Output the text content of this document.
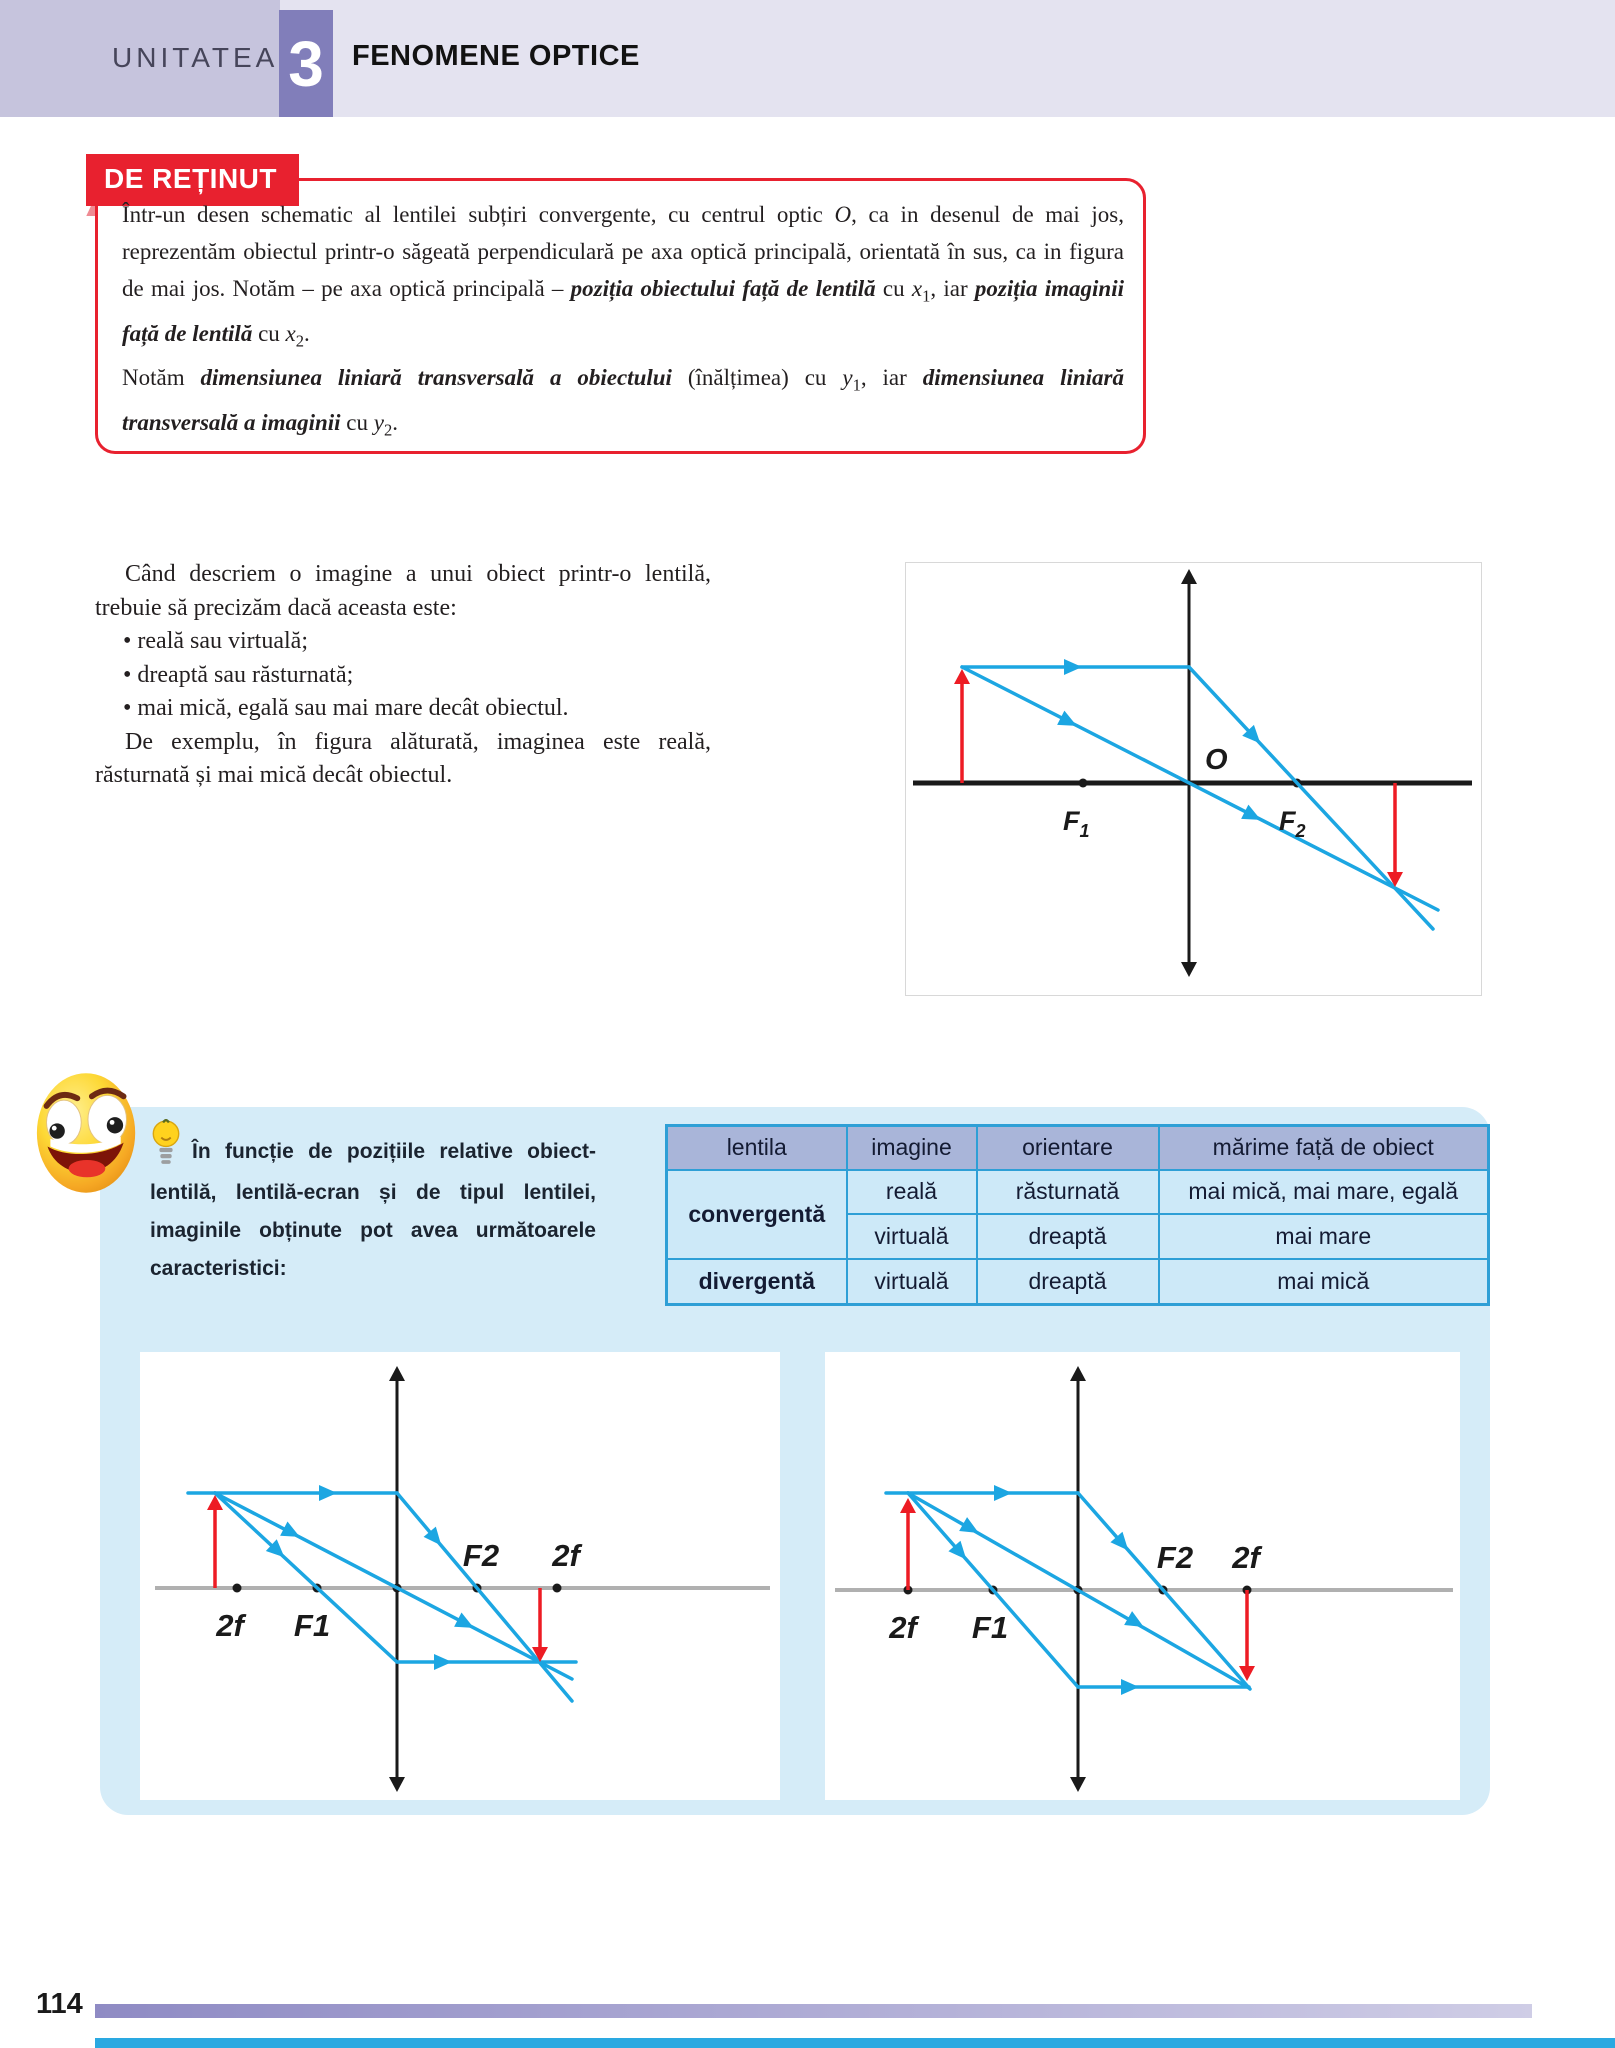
UNITATEA 3 FENOMENE OPTICE
DE REȚINUT
Într-un desen schematic al lentilei subțiri convergente, cu centrul optic O, ca in desenul de mai jos, reprezentăm obiectul printr-o săgeată perpendiculară pe axa optică principală, orientată în sus, ca in figura de mai jos. Notăm – pe axa optică principală – poziția obiectului față de lentilă cu $x_1$, iar poziția imaginii față de lentilă cu $x_2$.
Notăm dimensiunea liniară transversală a obiectului (înălțimea) cu $y_1$, iar dimensiunea liniară transversală a imaginii cu $y_2$.
Când descriem o imagine a unui obiect printr-o lentilă, trebuie să precizăm dacă aceasta este:
• reală sau virtuală;
• dreaptă sau răsturnată;
• mai mică, egală sau mai mare decât obiectul.
De exemplu, în figura alăturată, imaginea este reală, răsturnată și mai mică decât obiectul.	O
$F_1$	$F_2$
În funcție de pozițiile relative obiect-lentilă, lentilă-ecran și de tipul lentilei, imaginile obținute pot avea următoarele caracteristici:
lentila	imagine	orientare	mărime față de obiect
convergentă	reală	răsturnată	mai mică, mai mare, egală
	virtuală	dreaptă	mai mare
divergentă	virtuală	dreaptă	mai mică
2f F1
F2 2f
2f F1
F2 2f
114
